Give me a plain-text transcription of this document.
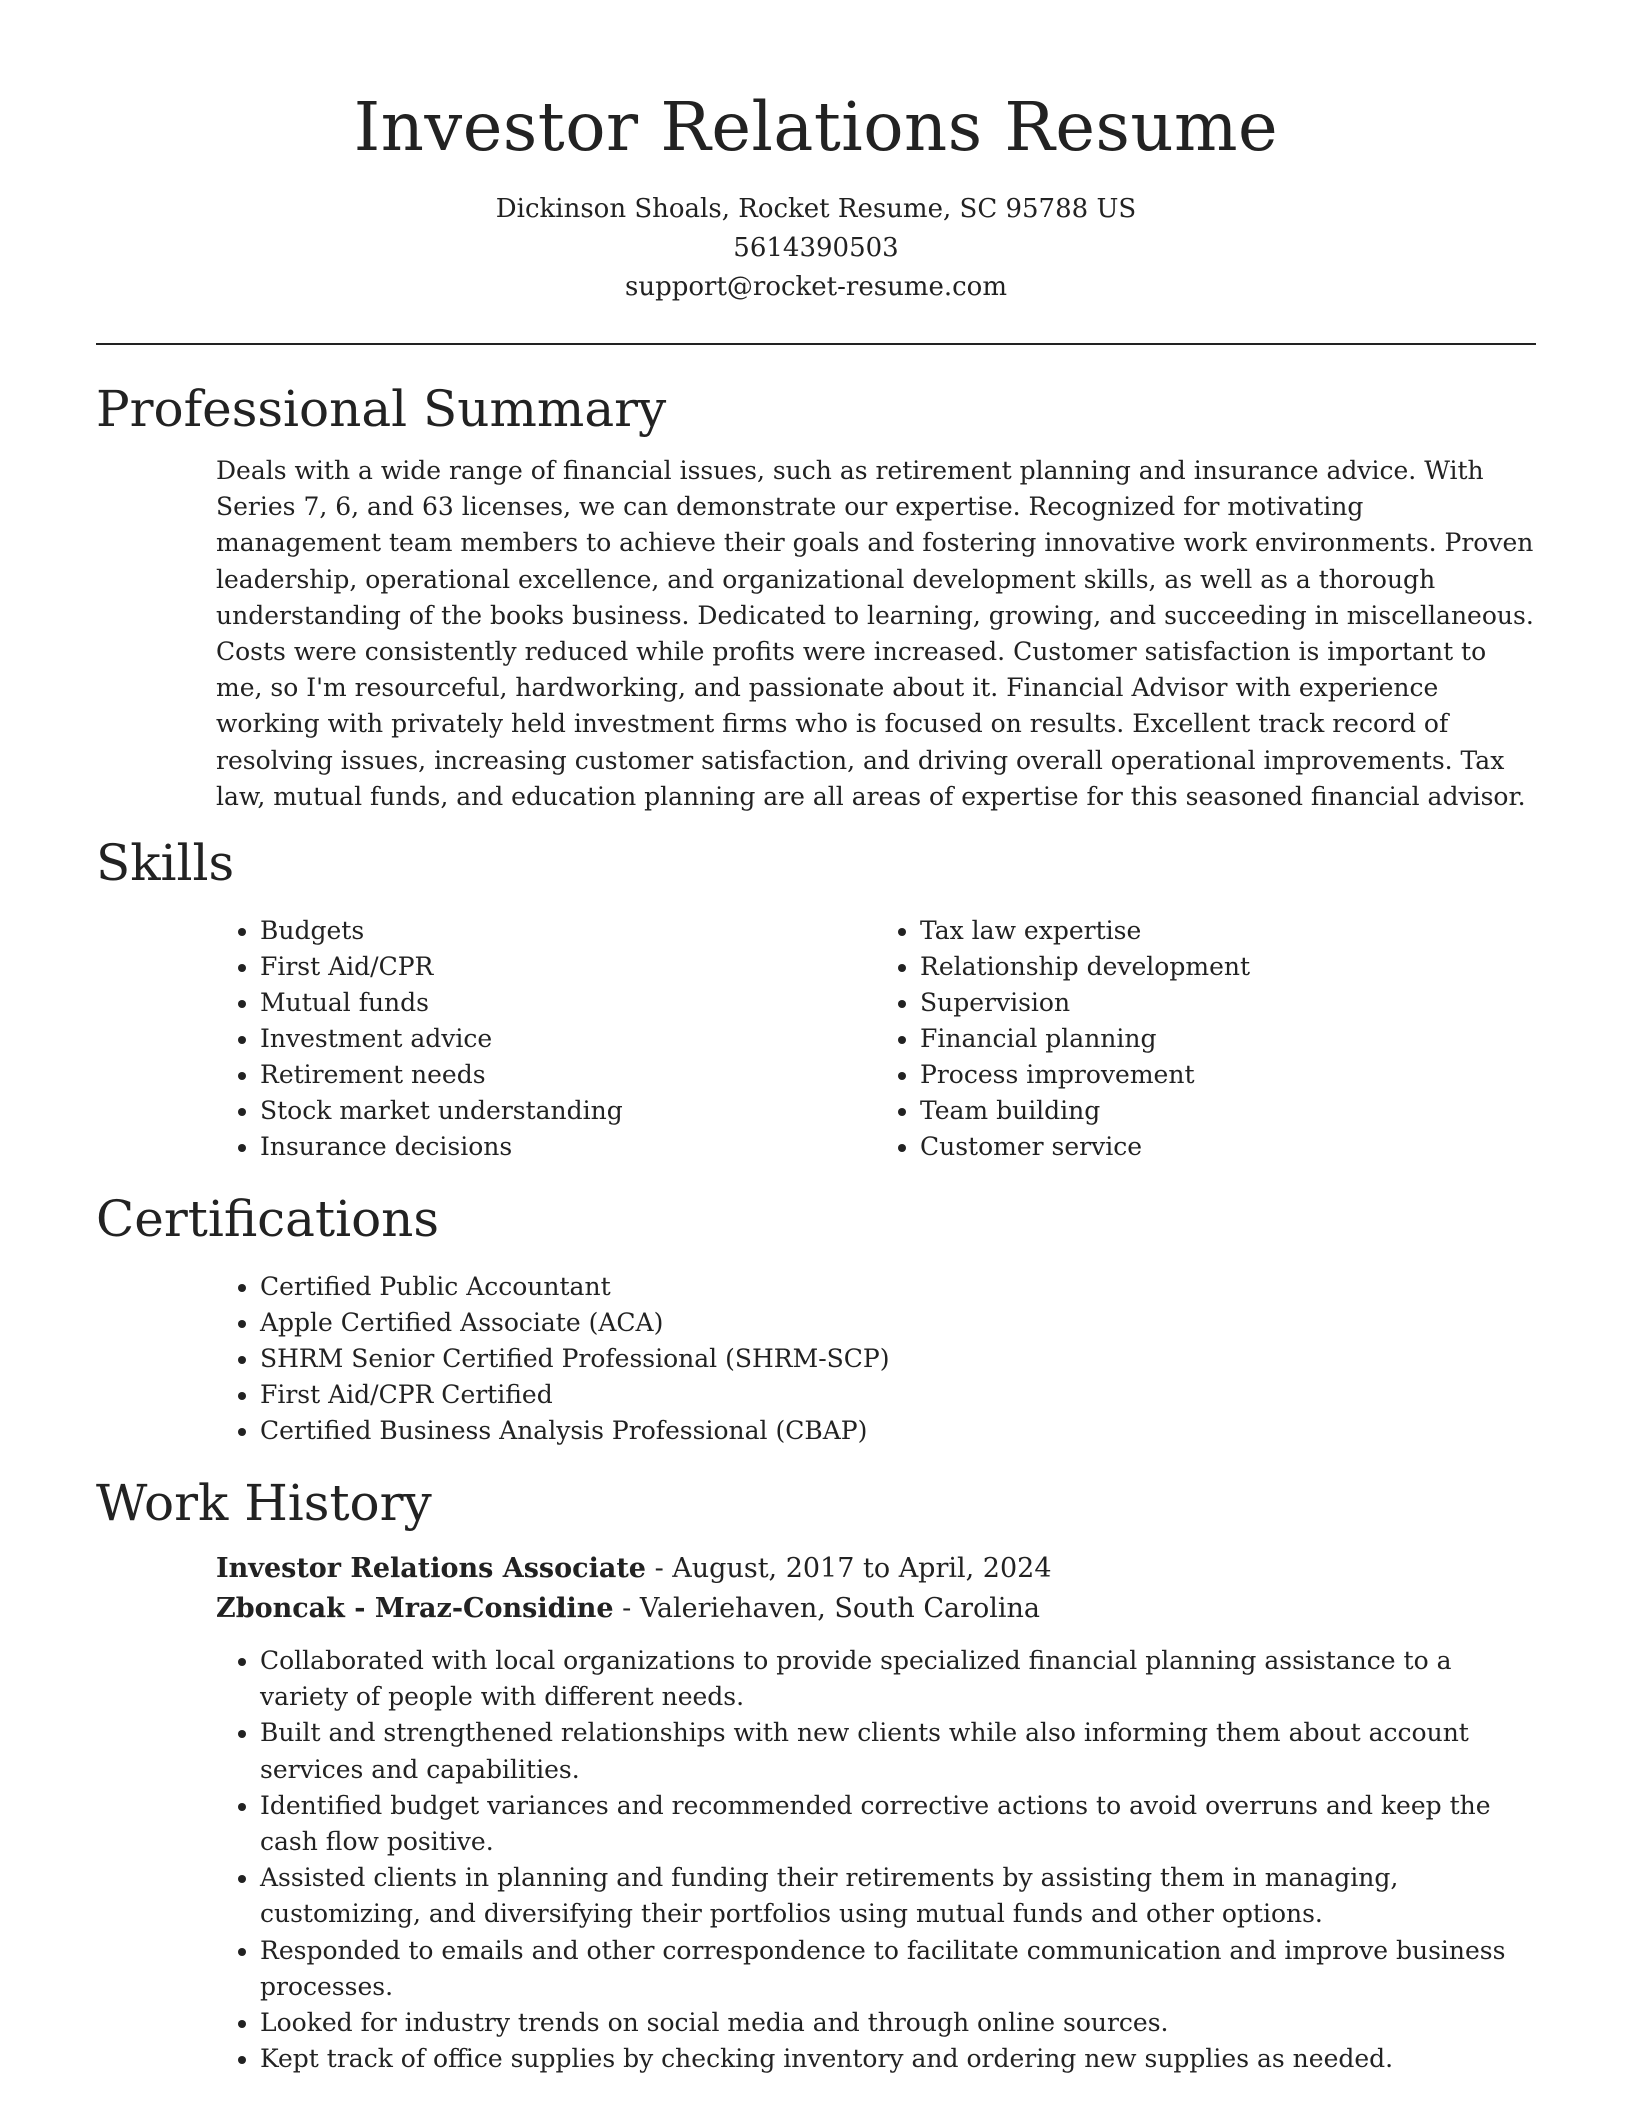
Investor Relations Resume
Dickinson Shoals, Rocket Resume, SC 95788 US
5614390503
support@rocket-resume.com
Professional Summary

Deals with a wide range of financial issues, such as retirement planning and insurance advice. With Series 7, 6, and 63 licenses, we can demonstrate our expertise. Recognized for motivating management team members to achieve their goals and fostering innovative work environments. Proven leadership, operational excellence, and organizational development skills, as well as a thorough understanding of the books business. Dedicated to learning, growing, and succeeding in miscellaneous. Costs were consistently reduced while profits were increased. Customer satisfaction is important to me, so I'm resourceful, hardworking, and passionate about it. Financial Advisor with experience working with privately held investment firms who is focused on results. Excellent track record of resolving issues, increasing customer satisfaction, and driving overall operational improvements. Tax law, mutual funds, and education planning are all areas of expertise for this seasoned financial advisor.

Skills
• Budgets
• First Aid/CPR
• Mutual funds
• Investment advice
• Retirement needs
• Stock market understanding
• Insurance decisions
• Tax law expertise
• Relationship development
• Supervision
• Financial planning
• Process improvement
• Team building
• Customer service
Certifications
• Certified Public Accountant
• Apple Certified Associate (ACA)
• SHRM Senior Certified Professional (SHRM-SCP)
• First Aid/CPR Certified
• Certified Business Analysis Professional (CBAP)
Work History
Investor Relations Associate - August, 2017 to April, 2024
Zboncak - Mraz-Considine - Valeriehaven, South Carolina
• Collaborated with local organizations to provide specialized financial planning assistance to a variety of people with different needs.
• Built and strengthened relationships with new clients while also informing them about account services and capabilities.
• Identified budget variances and recommended corrective actions to avoid overruns and keep the cash flow positive.
• Assisted clients in planning and funding their retirements by assisting them in managing, customizing, and diversifying their portfolios using mutual funds and other options.
• Responded to emails and other correspondence to facilitate communication and improve business processes.
• Looked for industry trends on social media and through online sources.
• Kept track of office supplies by checking inventory and ordering new supplies as needed.
